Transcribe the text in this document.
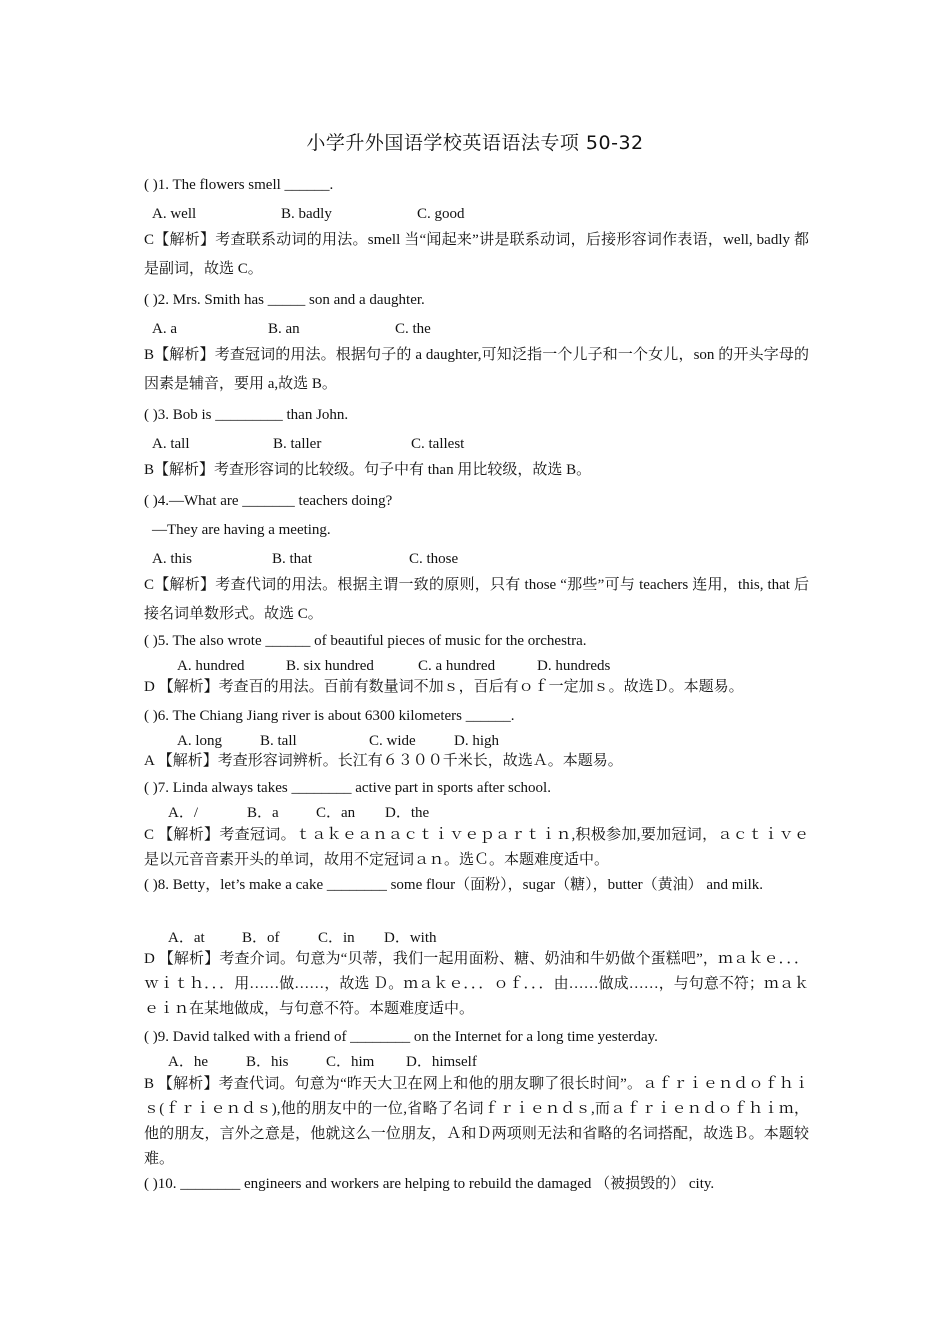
小学升外国语学校英语语法专项 50-32
( )1. The flowers smell ______.
A. well	B. badly	C. good
C【解析】考查联系动词的用法。smell 当“闻起来”讲是联系动词，后接形容词作表语，well, badly 都是副词，故选 C。
( )2. Mrs. Smith has _____ son and a daughter.
A. a	B. an	C. the
B【解析】考查冠词的用法。根据句子的 a daughter,可知泛指一个儿子和一个女儿，son 的开头字母的因素是辅音，要用 a,故选 B。
( )3. Bob is _________ than John.
A. tall	B. taller	C. tallest
B【解析】考查形容词的比较级。句子中有 than 用比较级，故选 B。
( )4.—What are _______ teachers doing?
—They are having a meeting.
A. this	B. that	C. those
C【解析】考查代词的用法。根据主谓一致的原则，只有 those “那些”可与 teachers 连用，this, that 后接名词单数形式。故选 C。
( )5. The also wrote ______ of beautiful pieces of music for the orchestra.
A. hundred	B. six hundred	C. a hundred	D. hundreds
D 【解析】考查百的用法。百前有数量词不加ｓ，百后有ｏｆ一定加ｓ。故选Ｄ。本题易。
( )6. The Chiang Jiang river is about 6300 kilometers ______.
A. long	B. tall	C. wide	D. high
A 【解析】考查形容词辨析。长江有６３００千米长，故选Ａ。本题易。
( )7. Linda always takes ________ active part in sports after school.
A．/	B．a C．an D．the
C 【解析】考查冠词。ｔａｋｅａｎａｃｔｉｖｅｐａｒｔｉｎ,积极参加,要加冠词，ａｃｔｉｖｅ是以元音音素开头的单词，故用不定冠词ａｎ。选Ｃ。本题难度适中。
( )8. Betty，let’s make a cake ________ some flour（面粉），sugar（糖），butter（黄油） and milk.
A．at B．of	C．in D．with
D 【解析】考查介词。句意为“贝蒂，我们一起用面粉、糖、奶油和牛奶做个蛋糕吧”，ｍａｋｅ．．．ｗｉｔｈ．．．用……做……，故选 Ｄ。ｍａｋｅ．．．ｏｆ．．．由……做成……，与句意不符；ｍａｋｅｉｎ在某地做成，与句意不符。本题难度适中。
( )9. David talked with a friend of ________ on the Internet for a long time yesterday.
A．he	B．his C．him D．himself
B 【解析】考查代词。句意为“昨天大卫在网上和他的朋友聊了很长时间”。ａｆｒｉｅｎｄｏｆｈｉｓ(ｆｒｉｅｎｄｓ),他的朋友中的一位,省略了名词ｆｒｉｅｎｄｓ,而ａｆｒｉｅｎｄｏｆｈｉｍ，他的朋友，言外之意是，他就这么一位朋友，Ａ和Ｄ两项则无法和省略的名词搭配，故选Ｂ。本题较难。
( )10. ________ engineers and workers are helping to rebuild the damaged （被损毁的） city.
